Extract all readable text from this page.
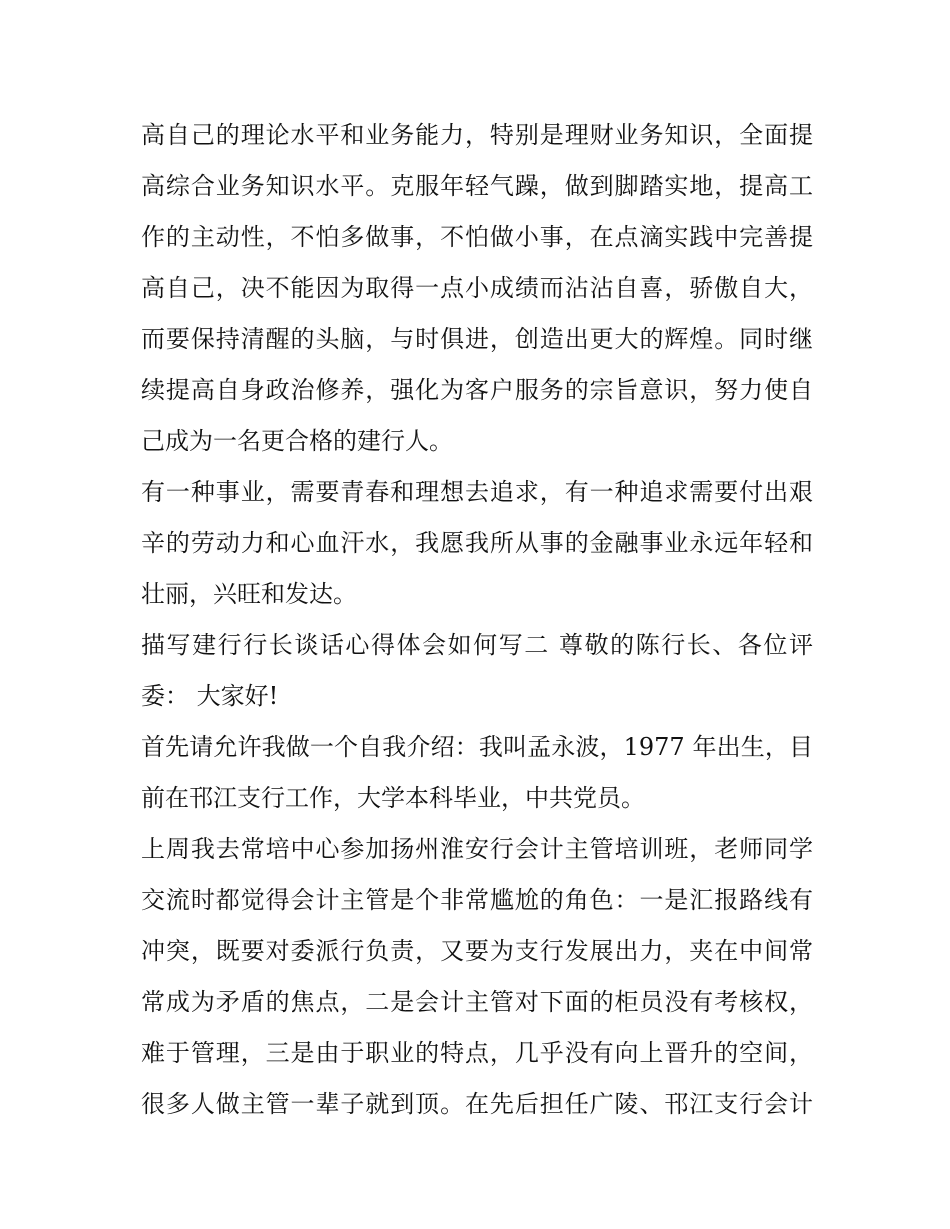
高自己的理论水平和业务能力，特别是理财业务知识，全面提
高综合业务知识水平。克服年轻气躁，做到脚踏实地，提高工
作的主动性，不怕多做事，不怕做小事，在点滴实践中完善提
高自己，决不能因为取得一点小成绩而沾沾自喜，骄傲自大，
而要保持清醒的头脑，与时俱进，创造出更大的辉煌。同时继
续提高自身政治修养，强化为客户服务的宗旨意识，努力使自
己成为一名更合格的建行人。
有一种事业，需要青春和理想去追求，有一种追求需要付出艰
辛的劳动力和心血汗水，我愿我所从事的金融事业永远年轻和
壮丽，兴旺和发达。
描写建行行长谈话心得体会如何写二 尊敬的陈行长、各位评
委： 大家好!
首先请允许我做一个自我介绍：我叫孟永波，1977 年出生，目
前在邗江支行工作，大学本科毕业，中共党员。
上周我去常培中心参加扬州淮安行会计主管培训班，老师同学
交流时都觉得会计主管是个非常尴尬的角色：一是汇报路线有
冲突，既要对委派行负责，又要为支行发展出力，夹在中间常
常成为矛盾的焦点，二是会计主管对下面的柜员没有考核权，
难于管理，三是由于职业的特点，几乎没有向上晋升的空间，
很多人做主管一辈子就到顶。在先后担任广陵、邗江支行会计
